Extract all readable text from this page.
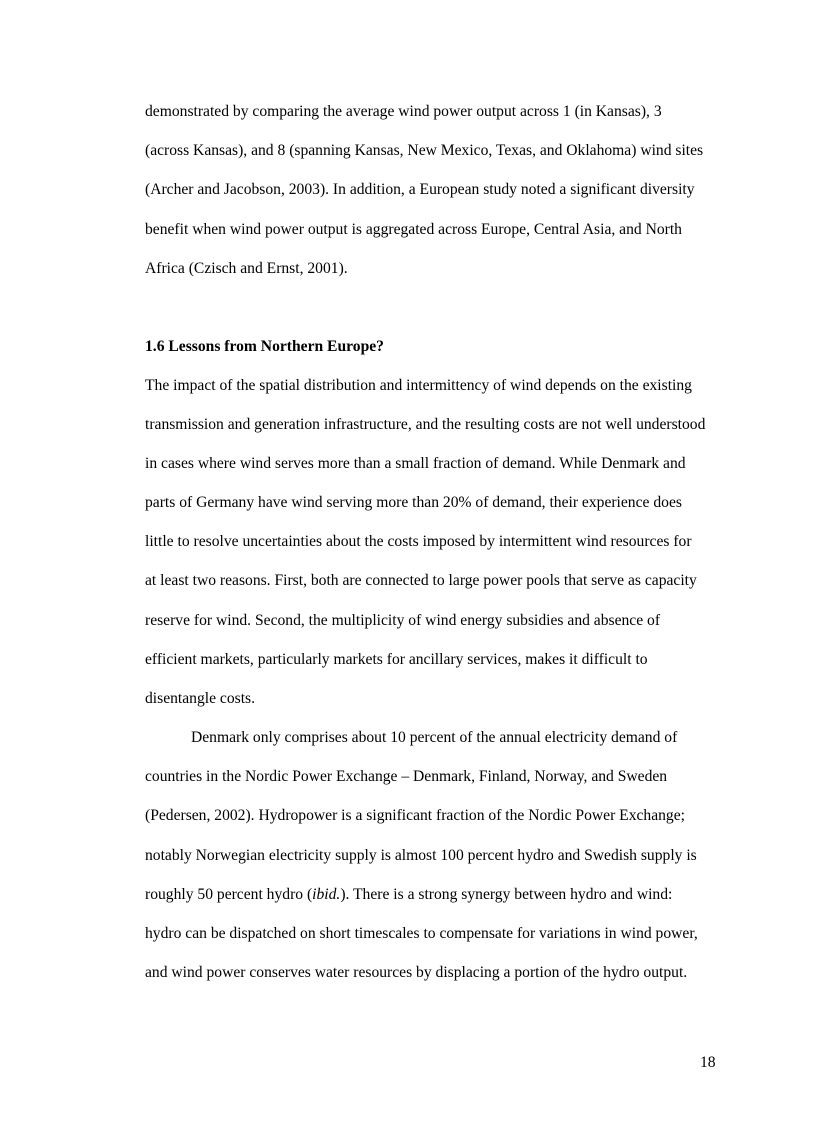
demonstrated by comparing the average wind power output across 1 (in Kansas), 3
(across Kansas), and 8 (spanning Kansas, New Mexico, Texas, and Oklahoma) wind sites
(Archer and Jacobson, 2003). In addition, a European study noted a significant diversity
benefit when wind power output is aggregated across Europe, Central Asia, and North
Africa (Czisch and Ernst, 2001).
1.6 Lessons from Northern Europe?
The impact of the spatial distribution and intermittency of wind depends on the existing
transmission and generation infrastructure, and the resulting costs are not well understood
in cases where wind serves more than a small fraction of demand. While Denmark and
parts of Germany have wind serving more than 20% of demand, their experience does
little to resolve uncertainties about the costs imposed by intermittent wind resources for
at least two reasons. First, both are connected to large power pools that serve as capacity
reserve for wind. Second, the multiplicity of wind energy subsidies and absence of
efficient markets, particularly markets for ancillary services, makes it difficult to
disentangle costs.
Denmark only comprises about 10 percent of the annual electricity demand of
countries in the Nordic Power Exchange – Denmark, Finland, Norway, and Sweden
(Pedersen, 2002). Hydropower is a significant fraction of the Nordic Power Exchange;
notably Norwegian electricity supply is almost 100 percent hydro and Swedish supply is
roughly 50 percent hydro (ibid.). There is a strong synergy between hydro and wind:
hydro can be dispatched on short timescales to compensate for variations in wind power,
and wind power conserves water resources by displacing a portion of the hydro output.
18
